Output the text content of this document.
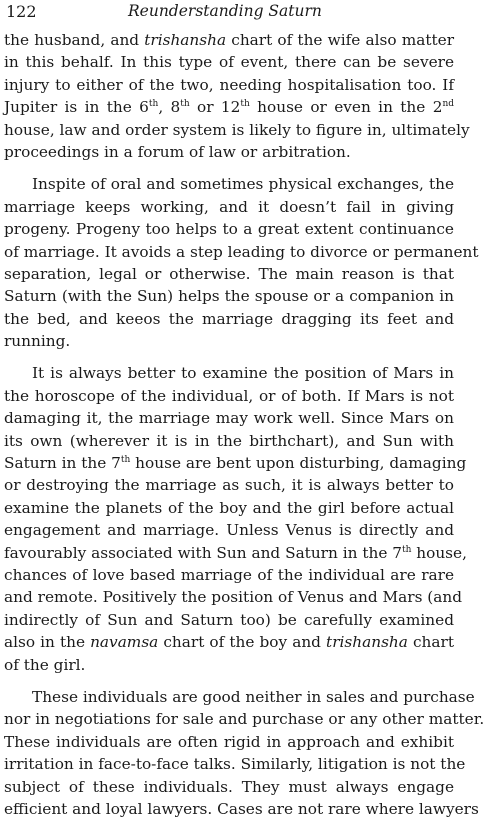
122	Reunderstanding Saturn
the husband, and trishansha chart of the wife also matter
in this behalf. In this type of event, there can be severe
injury to either of the two, needing hospitalisation too. If
Jupiter is in the 6th, 8th or 12th house or even in the 2nd
house, law and order system is likely to figure in, ultimately
proceedings in a forum of law or arbitration.
Inspite of oral and sometimes physical exchanges, the
marriage keeps working, and it doesn’t fail in giving
progeny. Progeny too helps to a great extent continuance
of marriage. It avoids a step leading to divorce or permanent
separation, legal or otherwise. The main reason is that
Saturn (with the Sun) helps the spouse or a companion in
the bed, and keeos the marriage dragging its feet and
running.
It is always better to examine the position of Mars in
the horoscope of the individual, or of both. If Mars is not
damaging it, the marriage may work well. Since Mars on
its own (wherever it is in the birthchart), and Sun with
Saturn in the 7th house are bent upon disturbing, damaging
or destroying the marriage as such, it is always better to
examine the planets of the boy and the girl before actual
engagement and marriage. Unless Venus is directly and
favourably associated with Sun and Saturn in the 7th house,
chances of love based marriage of the individual are rare
and remote. Positively the position of Venus and Mars (and
indirectly of Sun and Saturn too) be carefully examined
also in the navamsa chart of the boy and trishansha chart
of the girl.
These individuals are good neither in sales and purchase
nor in negotiations for sale and purchase or any other matter.
These individuals are often rigid in approach and exhibit
irritation in face-to-face talks. Similarly, litigation is not the
subject of these individuals. They must always engage
efficient and loyal lawyers. Cases are not rare where lawyers
